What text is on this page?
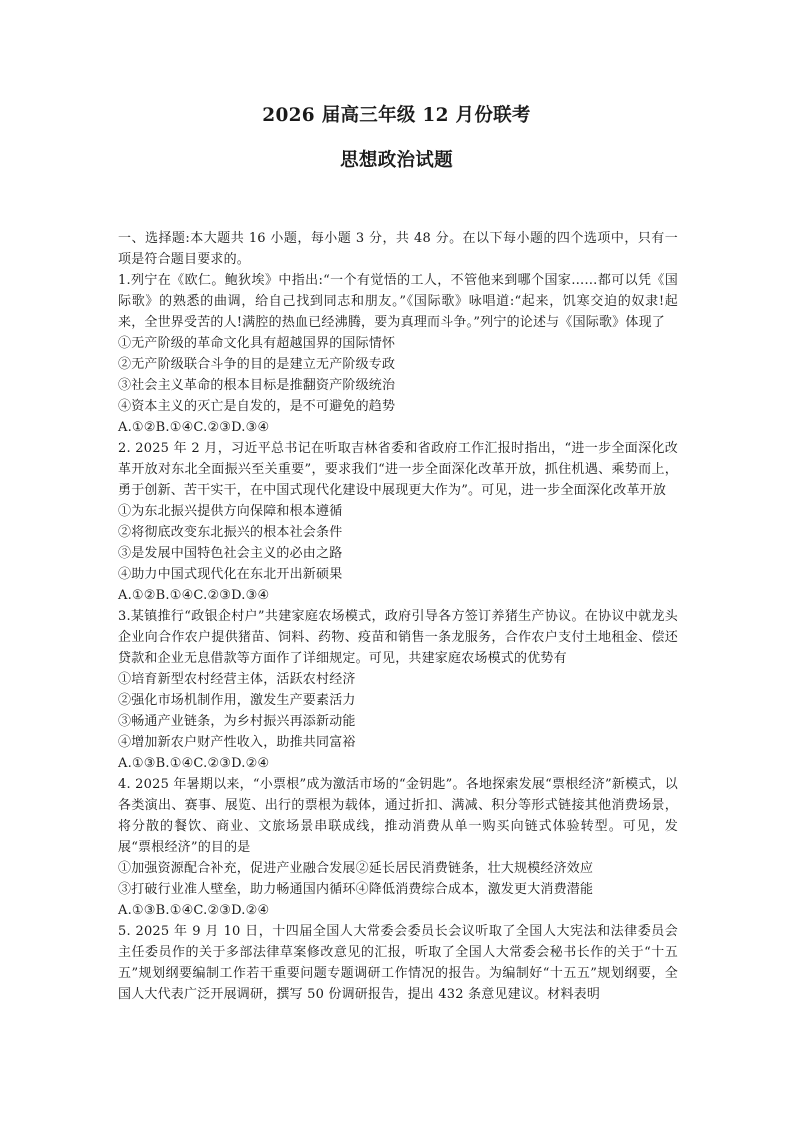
2026 届高三年级 12 月份联考
思想政治试题

一、选择题:本大题共 16 小题，每小题 3 分，共 48 分。在以下每小题的四个选项中，只有一项是符合题目要求的。

1.列宁在《欧仁。鲍狄埃》中指出:“一个有觉悟的工人，不管他来到哪个国家……都可以凭《国际歌》的熟悉的曲调，给自己找到同志和朋友。”《国际歌》咏唱道:“起来，饥寒交迫的奴隶!起来，全世界受苦的人!满腔的热血已经沸腾，要为真理而斗争。”列宁的论述与《国际歌》体现了

①无产阶级的革命文化具有超越国界的国际情怀

②无产阶级联合斗争的目的是建立无产阶级专政

③社会主义革命的根本目标是推翻资产阶级统治

④资本主义的灭亡是自发的，是不可避免的趋势

A.①②B.①④C.②③D.③④

2. 2025 年 2 月，习近平总书记在听取吉林省委和省政府工作汇报时指出，“进一步全面深化改革开放对东北全面振兴至关重要”，要求我们“进一步全面深化改革开放，抓住机遇、乘势而上，勇于创新、苦干实干，在中国式现代化建设中展现更大作为”。可见，进一步全面深化改革开放

①为东北振兴提供方向保障和根本遵循

②将彻底改变东北振兴的根本社会条件

③是发展中国特色社会主义的必由之路

④助力中国式现代化在东北开出新硕果

A.①②B.①④C.②③D.③④

3.某镇推行“政银企村户”共建家庭农场模式，政府引导各方签订养猪生产协议。在协议中就龙头企业向合作农户提供猪苗、饲料、药物、疫苗和销售一条龙服务，合作农户支付土地租金、偿还贷款和企业无息借款等方面作了详细规定。可见，共建家庭农场模式的优势有

①培育新型农村经营主体，活跃农村经济

②强化市场机制作用，激发生产要素活力

③畅通产业链条，为乡村振兴再添新动能

④增加新农户财产性收入，助推共同富裕

A.①③B.①④C.②③D.②④

4. 2025 年暑期以来，“小票根”成为激活市场的“金钥匙”。各地探索发展“票根经济”新模式，以各类演出、赛事、展览、出行的票根为载体，通过折扣、满减、积分等形式链接其他消费场景，将分散的餐饮、商业、文旅场景串联成线，推动消费从单一购买向链式体验转型。可见，发展“票根经济”的目的是

①加强资源配合补充，促进产业融合发展②延长居民消费链条，壮大规模经济效应

③打破行业准人壁垒，助力畅通国内循环④降低消费综合成本，激发更大消费潜能

A.①③B.①④C.②③D.②④

5. 2025 年 9 月 10 日，十四届全国人大常委会委员长会议听取了全国人大宪法和法律委员会主任委员作的关于多部法律草案修改意见的汇报，听取了全国人大常委会秘书长作的关于“十五五”规划纲要编制工作若干重要问题专题调研工作情况的报告。为编制好“十五五”规划纲要，全国人大代表广泛开展调研，撰写 50 份调研报告，提出 432 条意见建议。材料表明
